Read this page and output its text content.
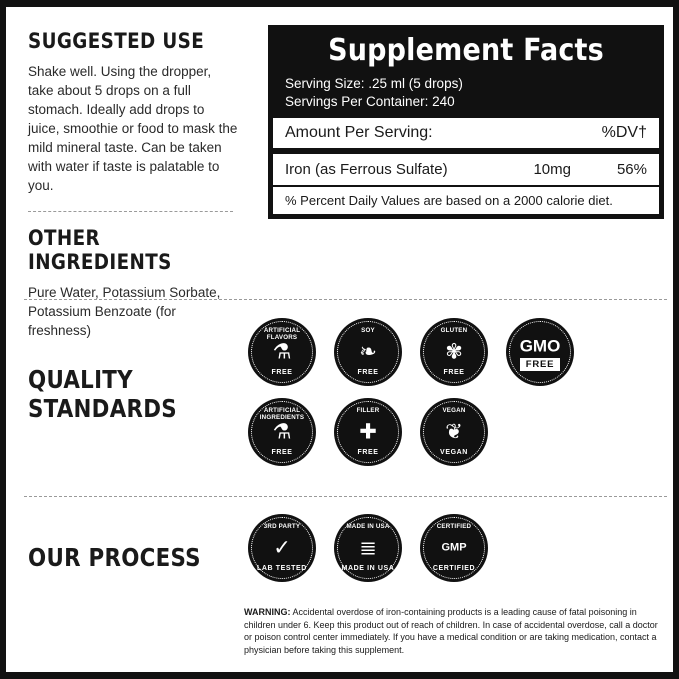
SUGGESTED USE

Shake well. Using the dropper, take about 5 drops on a full stomach. Ideally add drops to juice, smoothie or food to mask the mild mineral taste. Can be taken with water if taste is palatable to you.

OTHER INGREDIENTS

Pure Water, Potassium Sorbate, Potassium Benzoate (for freshness)

Supplement Facts
Serving Size: .25 ml (5 drops)
Servings Per Container: 240
Amount Per Serving:	%DV†
Iron (as Ferrous Sulfate)	10mg	56%
% Percent Daily Values are based on a 2000 calorie diet.
QUALITY STANDARDS
ARTIFICIAL FLAVORS
⚗
FREE
SOY
❧
FREE
GLUTEN
✾
FREE
GMO
FREE
ARTIFICIAL INGREDIENTS
⚗
FREE
FILLER
✚
FREE
VEGAN
❦
VEGAN
OUR PROCESS
3RD PARTY
✓
LAB TESTED
MADE IN USA
≣
MADE IN USA
CERTIFIED
GMP
CERTIFIED
WARNING: Accidental overdose of iron-containing products is a leading cause of fatal poisoning in children under 6. Keep this product out of reach of children. In case of accidental overdose, call a doctor or poison control center immediately. If you have a medical condition or are taking medication, contact a physician before taking this supplement.
